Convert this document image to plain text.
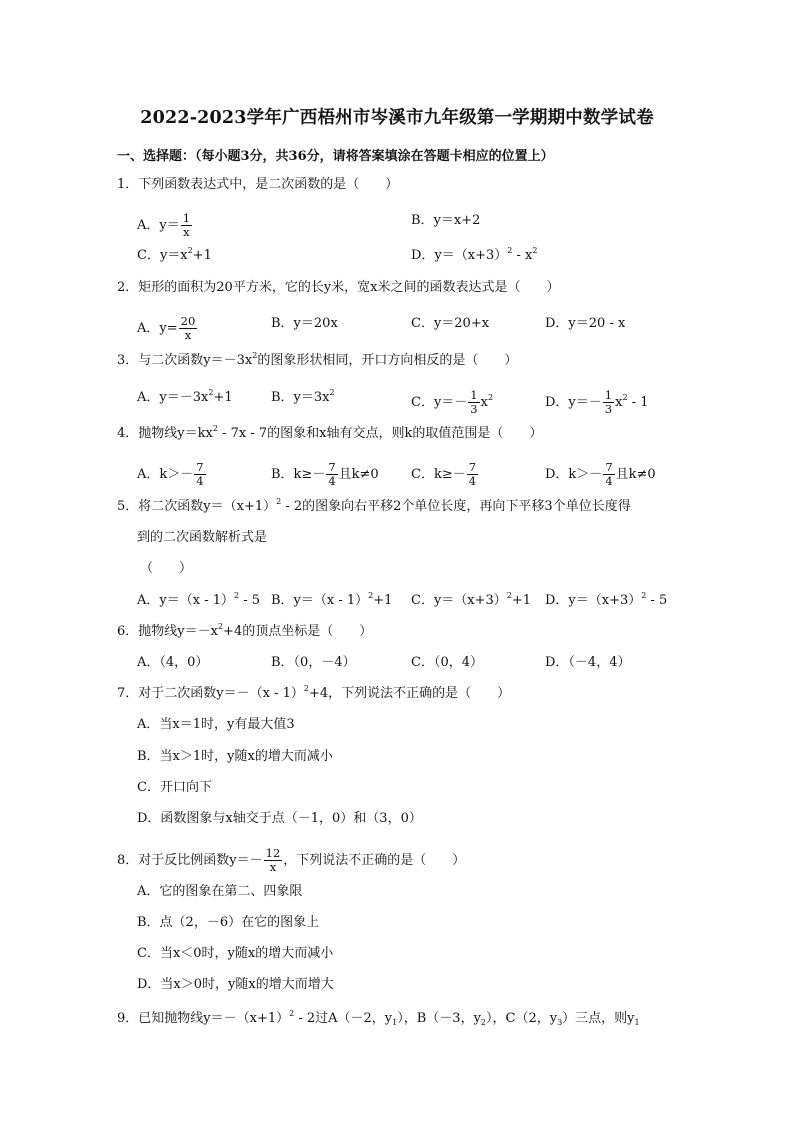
2022-2023学年广西梧州市岑溪市九年级第一学期期中数学试卷
一、选择题：（每小题3分，共36分，请将答案填涂在答题卡相应的位置上）
1．下列函数表达式中，是二次函数的是（　　）
A．$y= \frac{1}{x}$	B．y＝x+2
C．$y=x^2+1$	D．$y=(x+3)^2 - x^2$
2．矩形的面积为20平方米，它的长y米，宽x米之间的函数表达式是（　　）
A．$y= \frac{20}{x}$	B．y＝20x	C．y＝20+x	D．y＝20 - x
3．与二次函数$y=-3x^2$的图象形状相同，开口方向相反的是（　　）
A．$y=-3x^2+1$	B．$y=3x^2$
C．$y=- \frac{1}{3} x^2$	D．$y=- \frac{1}{3} x^2 - 1$
4．抛物线$y=kx^2 - 7x - 7$的图象和x轴有交点，则k的取值范围是（　　）
A．$k>- \frac{7}{4}$	B．$k\ge- \frac{7}{4}$ 且k≠0 C．$k\ge- \frac{7}{4}$	D．$k>- \frac{7}{4}$ 且k≠0
5．将二次函数$y=(x+1)^2 - 2$的图象向右平移2个单位长度，再向下平移3个单位长度得
到的二次函数解析式是
（　　）
A．y＝（x - 1）$^2$ - 5 B．y＝（x - 1）$^2$+1 C．$y=(x+3)^2+1$ D．$y=(x+3)^2 - 5$
6．抛物线$y=-x^2+4$的顶点坐标是（　　）
A．（4，0）	B．（0，－4）	C．（0，4）	D．（－4，4）
7．对于二次函数y＝－（x - 1）$^2$+4，下列说法不正确的是（　　）
A．当x＝1时，y有最大值3
B．当x＞1时，y随x的增大而减小
C．开口向下
D．函数图象与x轴交于点（－1，0）和（3，0）
8．对于反比例函数$y=- \frac{12}{x}$ ，下列说法不正确的是（　　）
A．它的图象在第二、四象限
B．点（2，－6）在它的图象上
C．当x＜0时，y随x的增大而减小
D．当x＞0时，y随x的增大而增大
9．已知抛物线$y=-(x+1)^2 - 2$过A（－2，$y_1$），B（－3，$y_2$），C（2，$y_3$）三点，则$y_1$
